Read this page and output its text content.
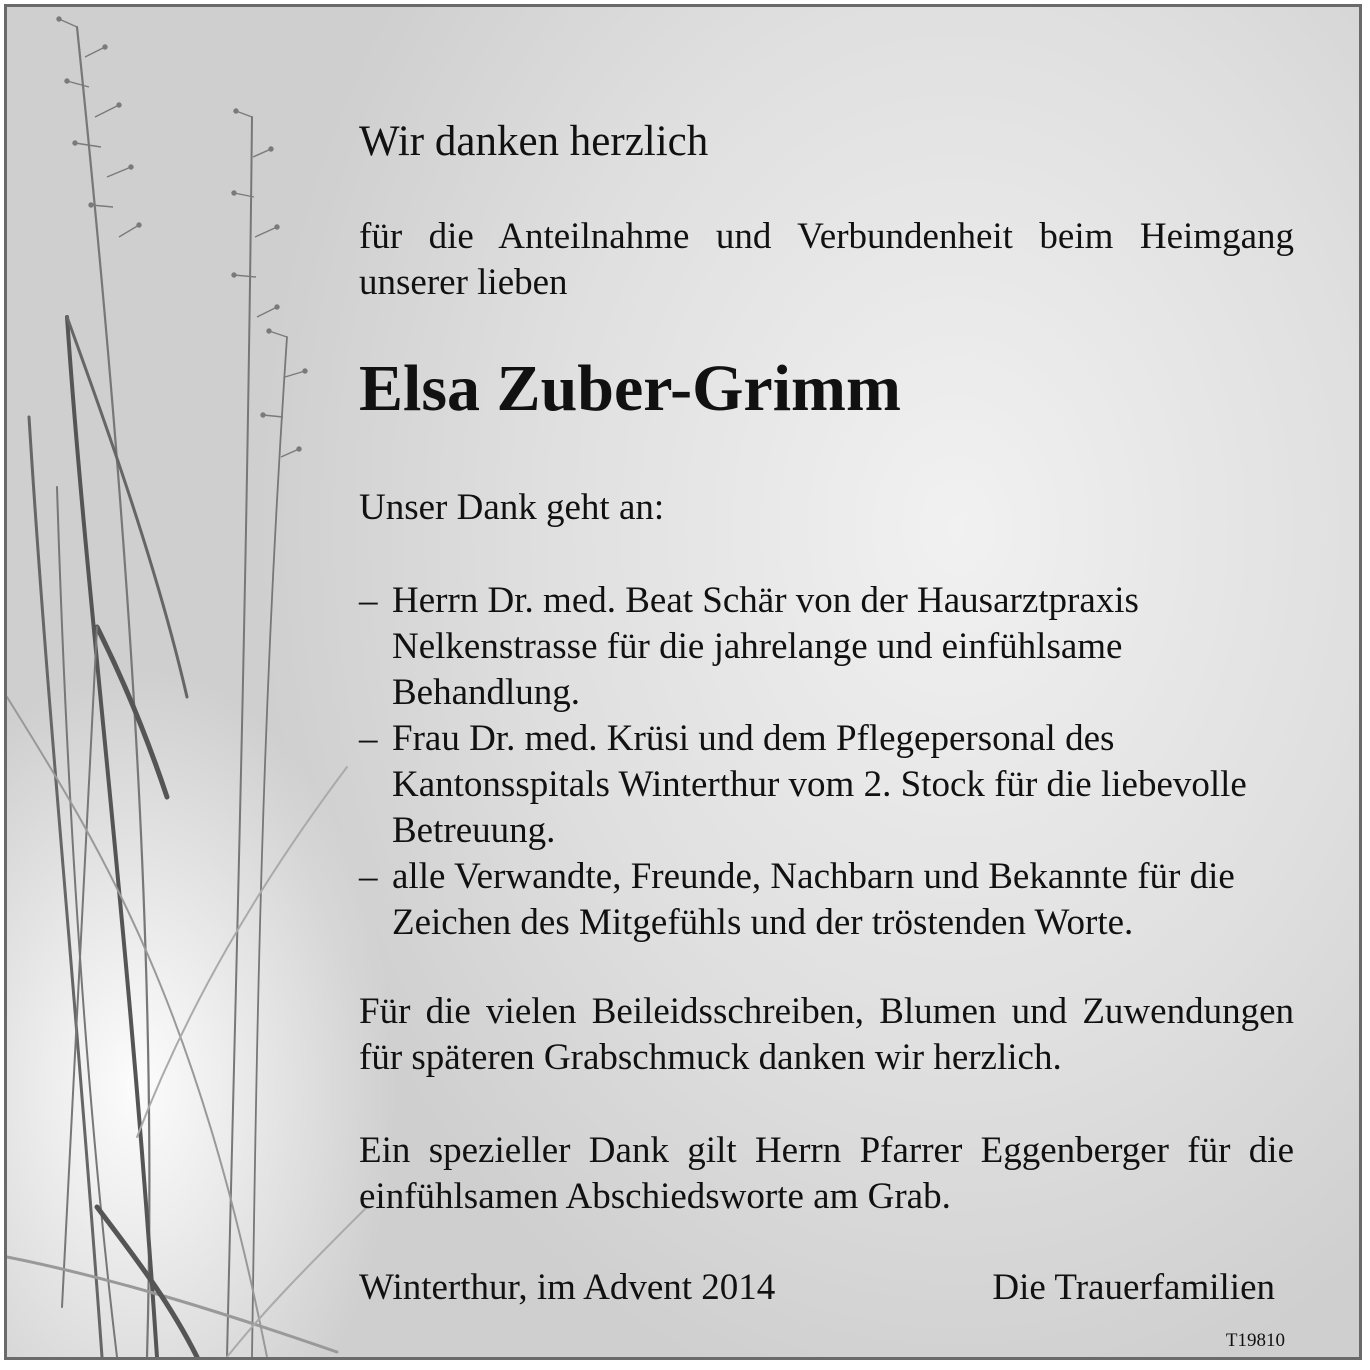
Wir danken herzlich
für die Anteilnahme und Verbundenheit beim Heimgang unserer lieben
Elsa Zuber-Grimm
Unser Dank geht an:
– Herrn Dr. med. Beat Schär von der Hausarztpraxis Nelkenstrasse für die jahrelange und einfühlsame Behandlung.
– Frau Dr. med. Krüsi und dem Pflegepersonal des Kantonsspitals Winterthur vom 2. Stock für die liebevolle Betreuung.
– alle Verwandte, Freunde, Nachbarn und Bekannte für die Zeichen des Mitgefühls und der tröstenden Worte.
Für die vielen Beileidsschreiben, Blumen und Zuwendungen für späteren Grabschmuck danken wir herzlich.
Ein spezieller Dank gilt Herrn Pfarrer Eggenberger für die einfühlsamen Abschiedsworte am Grab.
Winterthur, im Advent 2014	Die Trauerfamilien
T19810
